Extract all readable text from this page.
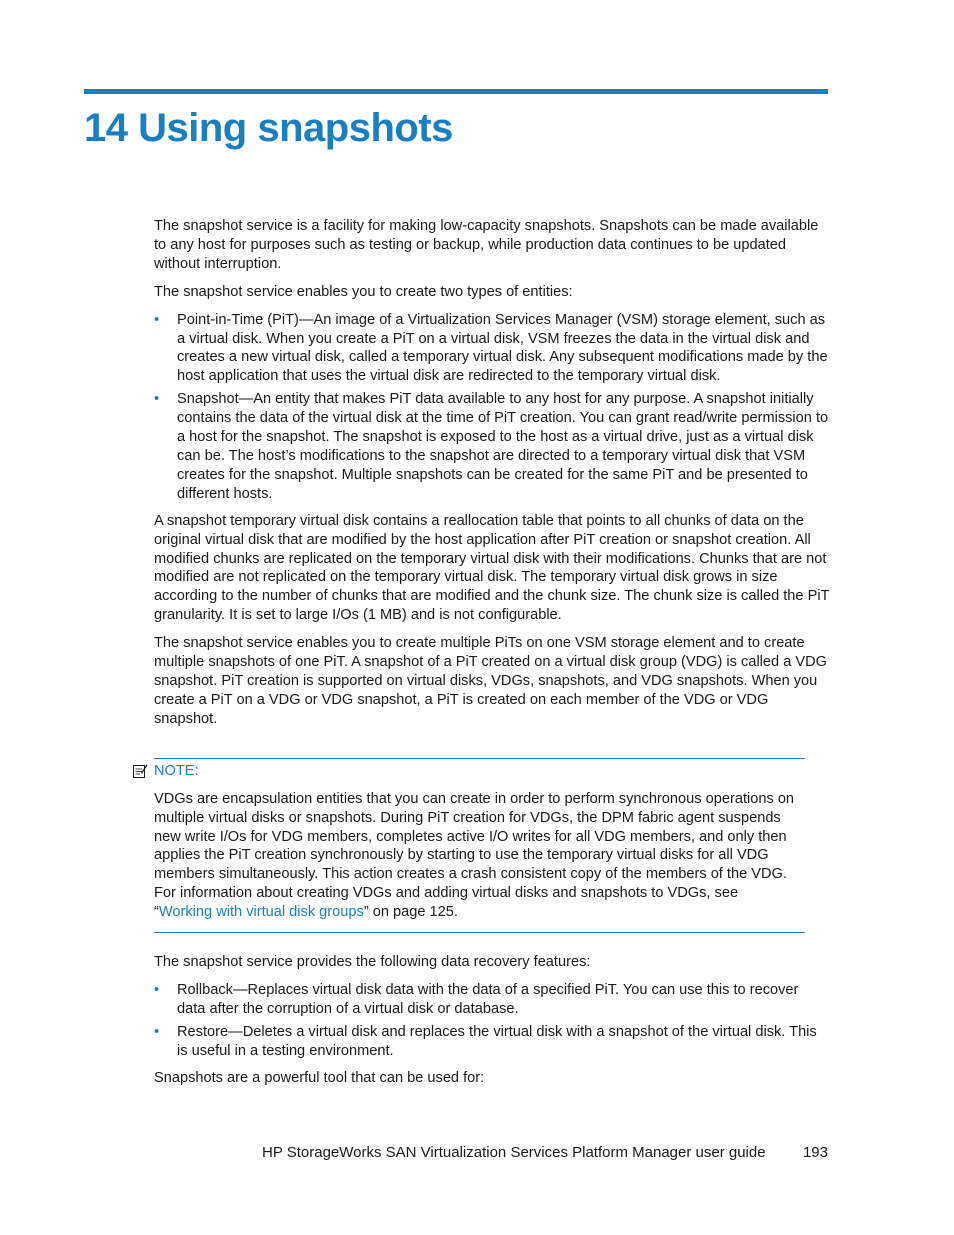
14 Using snapshots

The snapshot service is a facility for making low-capacity snapshots. Snapshots can be made available to any host for purposes such as testing or backup, while production data continues to be updated without interruption.

The snapshot service enables you to create two types of entities:

• Point-in-Time (PiT)—An image of a Virtualization Services Manager (VSM) storage element, such as a virtual disk. When you create a PiT on a virtual disk, VSM freezes the data in the virtual disk and creates a new virtual disk, called a temporary virtual disk. Any subsequent modifications made by the host application that uses the virtual disk are redirected to the temporary virtual disk.
• Snapshot—An entity that makes PiT data available to any host for any purpose. A snapshot initially contains the data of the virtual disk at the time of PiT creation. You can grant read/write permission to a host for the snapshot. The snapshot is exposed to the host as a virtual drive, just as a virtual disk can be. The host’s modifications to the snapshot are directed to a temporary virtual disk that VSM creates for the snapshot. Multiple snapshots can be created for the same PiT and be presented to different hosts.

A snapshot temporary virtual disk contains a reallocation table that points to all chunks of data on the original virtual disk that are modified by the host application after PiT creation or snapshot creation. All modified chunks are replicated on the temporary virtual disk with their modifications. Chunks that are not modified are not replicated on the temporary virtual disk. The temporary virtual disk grows in size according to the number of chunks that are modified and the chunk size. The chunk size is called the PiT granularity. It is set to large I/Os (1 MB) and is not configurable.

The snapshot service enables you to create multiple PiTs on one VSM storage element and to create multiple snapshots of one PiT. A snapshot of a PiT created on a virtual disk group (VDG) is called a VDG snapshot. PiT creation is supported on virtual disks, VDGs, snapshots, and VDG snapshots. When you create a PiT on a VDG or VDG snapshot, a PiT is created on each member of the VDG or VDG snapshot.

NOTE:

VDGs are encapsulation entities that you can create in order to perform synchronous operations on multiple virtual disks or snapshots. During PiT creation for VDGs, the DPM fabric agent suspends new write I/Os for VDG members, completes active I/O writes for all VDG members, and only then applies the PiT creation synchronously by starting to use the temporary virtual disks for all VDG members simultaneously. This action creates a crash consistent copy of the members of the VDG. For information about creating VDGs and adding virtual disks and snapshots to VDGs, see
“Working with virtual disk groups” on page 125.

The snapshot service provides the following data recovery features:

• Rollback—Replaces virtual disk data with the data of a specified PiT. You can use this to recover data after the corruption of a virtual disk or database.
• Restore—Deletes a virtual disk and replaces the virtual disk with a snapshot of the virtual disk. This is useful in a testing environment.

Snapshots are a powerful tool that can be used for:

HP StorageWorks SAN Virtualization Services Platform Manager user guide 193
